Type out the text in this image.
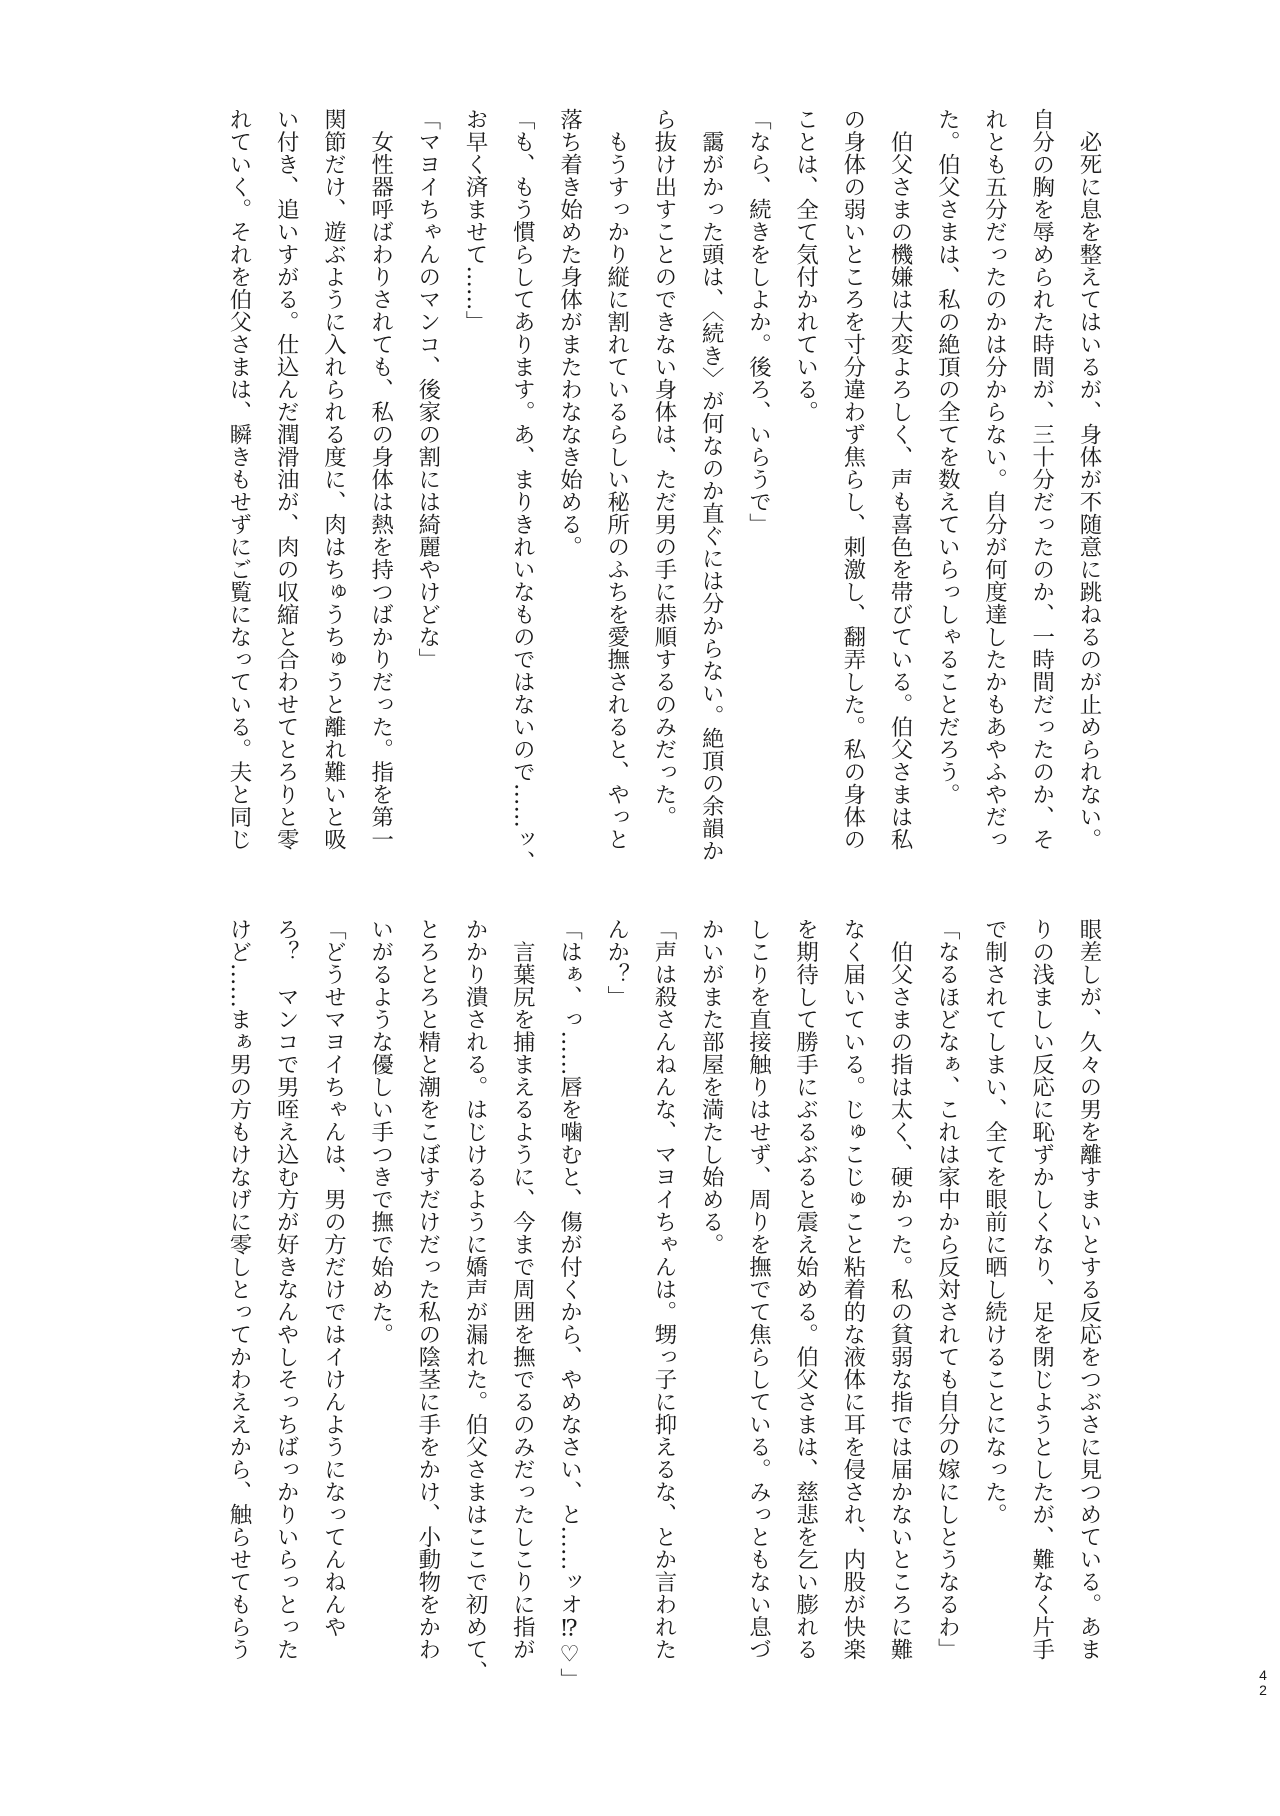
　必死に息を整えてはいるが、身体が不随意に跳ねるのが止められない。
自分の胸を辱められた時間が、三十分だったのか、一時間だったのか、そ
れとも五分だったのかは分からない。自分が何度達したかもあやふやだっ
た。伯父さまは、私の絶頂の全てを数えていらっしゃることだろう。
　伯父さまの機嫌は大変よろしく、声も喜色を帯びている。伯父さまは私
の身体の弱いところを寸分違わず焦らし、刺激し、翻弄した。私の身体の
ことは、全て気付かれている。
「なら、続きをしよか。後ろ、いらうで」
　靄がかった頭は、〈続き〉が何なのか直ぐには分からない。絶頂の余韻か
ら抜け出すことのできない身体は、ただ男の手に恭順するのみだった。
　もうすっかり縦に割れているらしい秘所のふちを愛撫されると、やっと
落ち着き始めた身体がまたわななき始める。
「も、もう慣らしてあります。あ、まりきれいなものではないので……ッ、
お早く済ませて……」
「マヨイちゃんのマンコ、後家の割には綺麗やけどな」
　女性器呼ばわりされても、私の身体は熱を持つばかりだった。指を第一
関節だけ、遊ぶように入れられる度に、肉はちゅうちゅうと離れ難いと吸
い付き、追いすがる。仕込んだ潤滑油が、肉の収縮と合わせてとろりと零
れていく。それを伯父さまは、瞬きもせずにご覧になっている。夫と同じ
眼差しが、久々の男を離すまいとする反応をつぶさに見つめている。あま
りの浅ましい反応に恥ずかしくなり、足を閉じようとしたが、難なく片手
で制されてしまい、全てを眼前に晒し続けることになった。
「なるほどなぁ、これは家中から反対されても自分の嫁にしとうなるわ」
　伯父さまの指は太く、硬かった。私の貧弱な指では届かないところに難
なく届いている。じゅこじゅこと粘着的な液体に耳を侵され、内股が快楽
を期待して勝手にぶるぶると震え始める。伯父さまは、慈悲を乞い膨れる
しこりを直接触りはせず、周りを撫でて焦らしている。みっともない息づ
かいがまた部屋を満たし始める。
「声は殺さんねんな、マヨイちゃんは。甥っ子に抑えるな、とか言われた
んか？」
「はぁ、っ……唇を噛むと、傷が付くから、やめなさい、と……ッオ⁉♡」
　言葉尻を捕まえるように、今まで周囲を撫でるのみだったしこりに指が
かかり潰される。はじけるように嬌声が漏れた。伯父さまはここで初めて、
とろとろと精と潮をこぼすだけだった私の陰茎に手をかけ、小動物をかわ
いがるような優しい手つきで撫で始めた。
「どうせマヨイちゃんは、男の方だけではイけんようになってんねんや
ろ？　マンコで男咥え込む方が好きなんやしそっちばっかりいらっとった
けど……まぁ男の方もけなげに零しとってかわええから、触らせてもらう
42
